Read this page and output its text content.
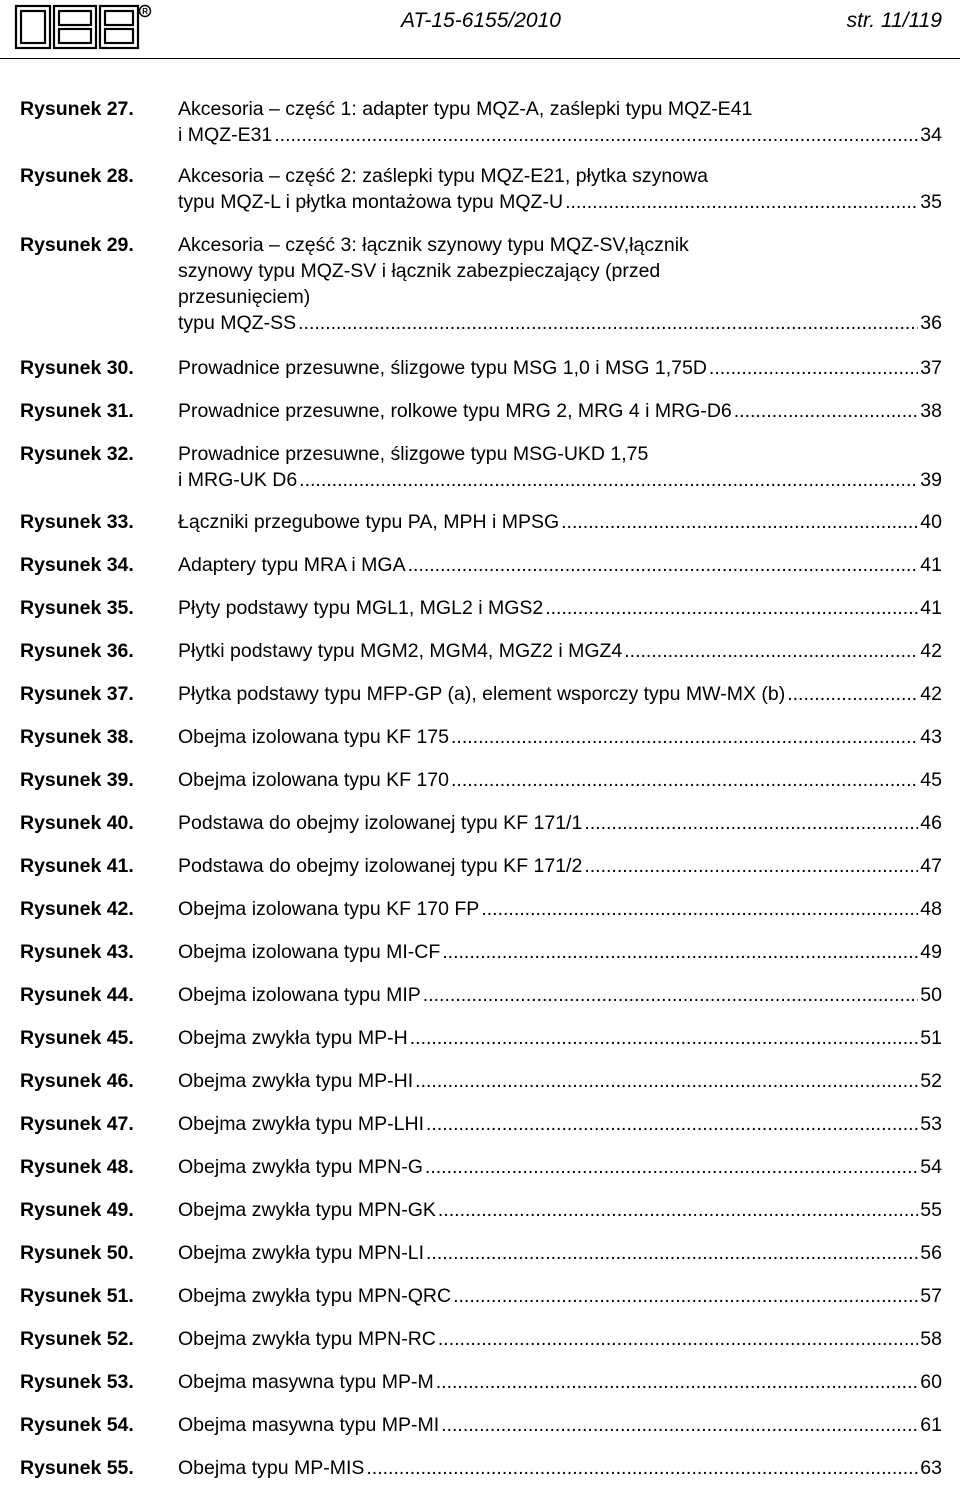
R	AT-15-6155/2010	str. 11/119
Rysunek 27. Akcesoria – część 1: adapter typu MQZ-A, zaślepki typu MQZ-E41
i MQZ-E31 .....	34
Rysunek 28. Akcesoria – część 2: zaślepki typu MQZ-E21, płytka szynowa
typu MQZ-L i płytka montażowa typu MQZ-U .....	35
Rysunek 29. Akcesoria – część 3: łącznik szynowy typu MQZ-SV,łącznik
szynowy typu MQZ-SV i łącznik zabezpieczający (przed
przesunięciem)
typu MQZ-SS .....	36
Rysunek 30. Prowadnice przesuwne, ślizgowe typu MSG 1,0 i MSG 1,75D .....	37
Rysunek 31. Prowadnice przesuwne, rolkowe typu MRG 2, MRG 4 i MRG-D6 .....	38
Rysunek 32. Prowadnice przesuwne, ślizgowe typu MSG-UKD 1,75
i MRG-UK D6 .....	39
Rysunek 33. Łączniki przegubowe typu PA, MPH i MPSG .....	40
Rysunek 34. Adaptery typu MRA i MGA .....	41
Rysunek 35. Płyty podstawy typu MGL1, MGL2 i MGS2 .....	41
Rysunek 36. Płytki podstawy typu MGM2, MGM4, MGZ2 i MGZ4 .....	42
Rysunek 37. Płytka podstawy typu MFP-GP (a), element wsporczy typu MW-MX (b) .....	42
Rysunek 38. Obejma izolowana typu KF 175 .....	43
Rysunek 39. Obejma izolowana typu KF 170 .....	45
Rysunek 40. Podstawa do obejmy izolowanej typu KF 171/1 .....	46
Rysunek 41. Podstawa do obejmy izolowanej typu KF 171/2 .....	47
Rysunek 42. Obejma izolowana typu KF 170 FP .....	48
Rysunek 43. Obejma izolowana typu MI-CF .....	49
Rysunek 44. Obejma izolowana typu MIP .....	50
Rysunek 45. Obejma zwykła typu MP-H .....	51
Rysunek 46. Obejma zwykła typu MP-HI .....	52
Rysunek 47. Obejma zwykła typu MP-LHI .....	53
Rysunek 48. Obejma zwykła typu MPN-G .....	54
Rysunek 49. Obejma zwykła typu MPN-GK .....	55
Rysunek 50. Obejma zwykła typu MPN-LI .....	56
Rysunek 51. Obejma zwykła typu MPN-QRC .....	57
Rysunek 52. Obejma zwykła typu MPN-RC .....	58
Rysunek 53. Obejma masywna typu MP-M .....	60
Rysunek 54. Obejma masywna typu MP-MI .....	61
Rysunek 55. Obejma typu MP-MIS .....	63
